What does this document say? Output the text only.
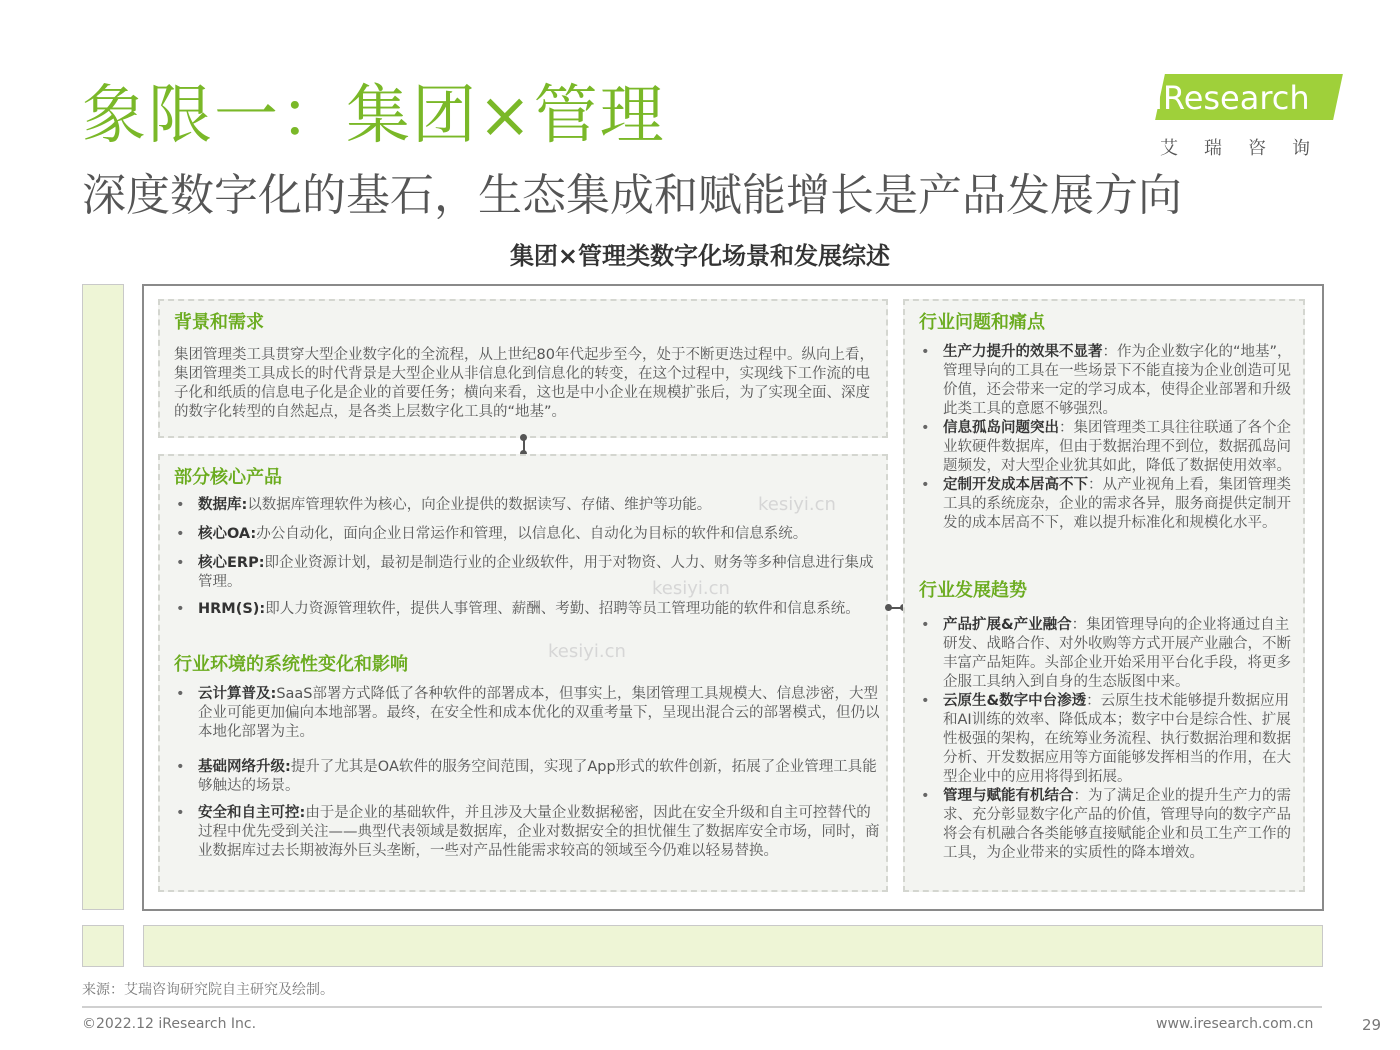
象限一：集团×管理
深度数字化的基石，生态集成和赋能增长是产品发展方向
iResearch
艾瑞咨询
集团×管理类数字化场景和发展综述
背景和需求
集团管理类工具贯穿大型企业数字化的全流程，从上世纪80年代起步至今，处于不断更迭过程中。纵向上看，集团管理类工具成长的时代背景是大型企业从非信息化到信息化的转变，在这个过程中，实现线下工作流的电子化和纸质的信息电子化是企业的首要任务；横向来看，这也是中小企业在规模扩张后，为了实现全面、深度的数字化转型的自然起点，是各类上层数字化工具的“地基”。
部分核心产品
• 数据库:以数据库管理软件为核心，向企业提供的数据读写、存储、维护等功能。
• 核心OA:办公自动化，面向企业日常运作和管理，以信息化、自动化为目标的软件和信息系统。
• 核心ERP:即企业资源计划，最初是制造行业的企业级软件，用于对物资、人力、财务等多种信息进行集成管理。
• HRM(S):即人力资源管理软件，提供人事管理、薪酬、考勤、招聘等员工管理功能的软件和信息系统。
行业环境的系统性变化和影响
• 云计算普及:SaaS部署方式降低了各种软件的部署成本，但事实上，集团管理工具规模大、信息涉密，大型企业可能更加偏向本地部署。最终，在安全性和成本优化的双重考量下，呈现出混合云的部署模式，但仍以本地化部署为主。
• 基础网络升级:提升了尤其是OA软件的服务空间范围，实现了App形式的软件创新，拓展了企业管理工具能够触达的场景。
• 安全和自主可控:由于是企业的基础软件，并且涉及大量企业数据秘密，因此在安全升级和自主可控替代的过程中优先受到关注——典型代表领域是数据库，企业对数据安全的担忧催生了数据库安全市场，同时，商业数据库过去长期被海外巨头垄断，一些对产品性能需求较高的领域至今仍难以轻易替换。
行业问题和痛点
• 生产力提升的效果不显著：作为企业数字化的“地基”，管理导向的工具在一些场景下不能直接为企业创造可见价值，还会带来一定的学习成本，使得企业部署和升级此类工具的意愿不够强烈。
• 信息孤岛问题突出：集团管理类工具往往联通了各个企业软硬件数据库，但由于数据治理不到位，数据孤岛问题频发，对大型企业犹其如此，降低了数据使用效率。
• 定制开发成本居高不下：从产业视角上看，集团管理类工具的系统庞杂，企业的需求各异，服务商提供定制开发的成本居高不下，难以提升标准化和规模化水平。
行业发展趋势
• 产品扩展&产业融合：集团管理导向的企业将通过自主研发、战略合作、对外收购等方式开展产业融合，不断丰富产品矩阵。头部企业开始采用平台化手段，将更多企服工具纳入到自身的生态版图中来。
• 云原生&数字中台渗透：云原生技术能够提升数据应用和AI训练的效率、降低成本；数字中台是综合性、扩展性极强的架构，在统筹业务流程、执行数据治理和数据分析、开发数据应用等方面能够发挥相当的作用，在大型企业中的应用将得到拓展。
• 管理与赋能有机结合：为了满足企业的提升生产力的需求、充分彰显数字化产品的价值，管理导向的数字产品将会有机融合各类能够直接赋能企业和员工生产工作的工具，为企业带来的实质性的降本增效。
kesiyi.cn
kesiyi.cn
kesiyi.cn
来源：艾瑞咨询研究院自主研究及绘制。
©2022.12 iResearch Inc.	www.iresearch.com.cn	29
